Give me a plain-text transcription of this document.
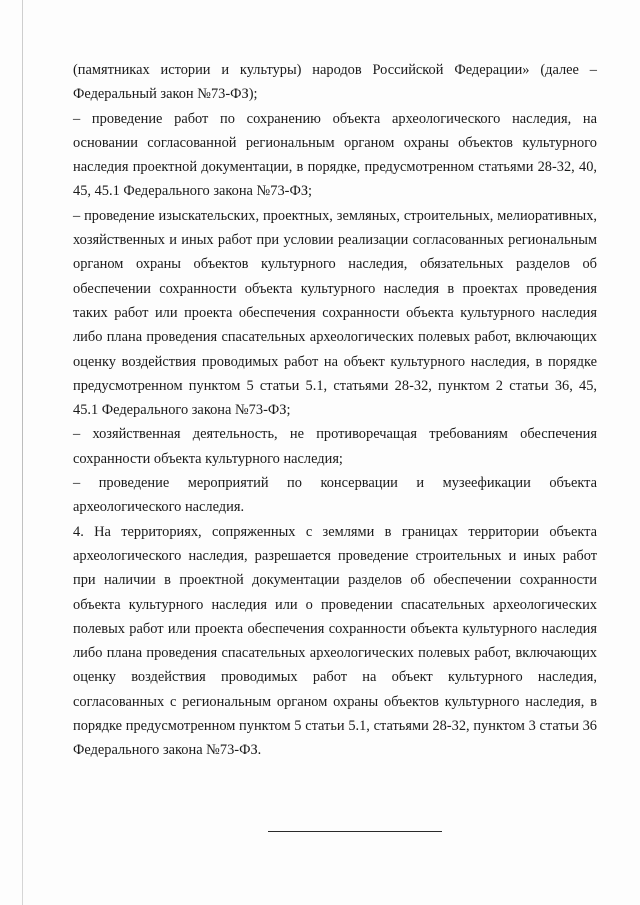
(памятниках истории и культуры) народов Российской Федерации» (далее – Федеральный закон №73-ФЗ);

– проведение работ по сохранению объекта археологического наследия, на основании согласованной региональным органом охраны объектов культурного наследия проектной документации, в порядке, предусмотренном статьями 28-32, 40, 45, 45.1 Федерального закона №73-ФЗ;

– проведение изыскательских, проектных, земляных, строительных, мелиоративных, хозяйственных и иных работ при условии реализации согласованных региональным органом охраны объектов культурного наследия, обязательных разделов об обеспечении сохранности объекта культурного наследия в проектах проведения таких работ или проекта обеспечения сохранности объекта культурного наследия либо плана проведения спасательных археологических полевых работ, включающих оценку воздействия проводимых работ на объект культурного наследия, в порядке предусмотренном пунктом 5 статьи 5.1, статьями 28-32, пунктом 2 статьи 36, 45, 45.1 Федерального закона №73-ФЗ;

– хозяйственная деятельность, не противоречащая требованиям обеспечения сохранности объекта культурного наследия;

– проведение мероприятий по консервации и музеефикации объекта археологического наследия.

4. На территориях, сопряженных с землями в границах территории объекта археологического наследия, разрешается проведение строительных и иных работ при наличии в проектной документации разделов об обеспечении сохранности объекта культурного наследия или о проведении спасательных археологических полевых работ или проекта обеспечения сохранности объекта культурного наследия либо плана проведения спасательных археологических полевых работ, включающих оценку воздействия проводимых работ на объект культурного наследия, согласованных с региональным органом охраны объектов культурного наследия, в порядке предусмотренном пунктом 5 статьи 5.1, статьями 28-32, пунктом 3 статьи 36 Федерального закона №73-ФЗ.
